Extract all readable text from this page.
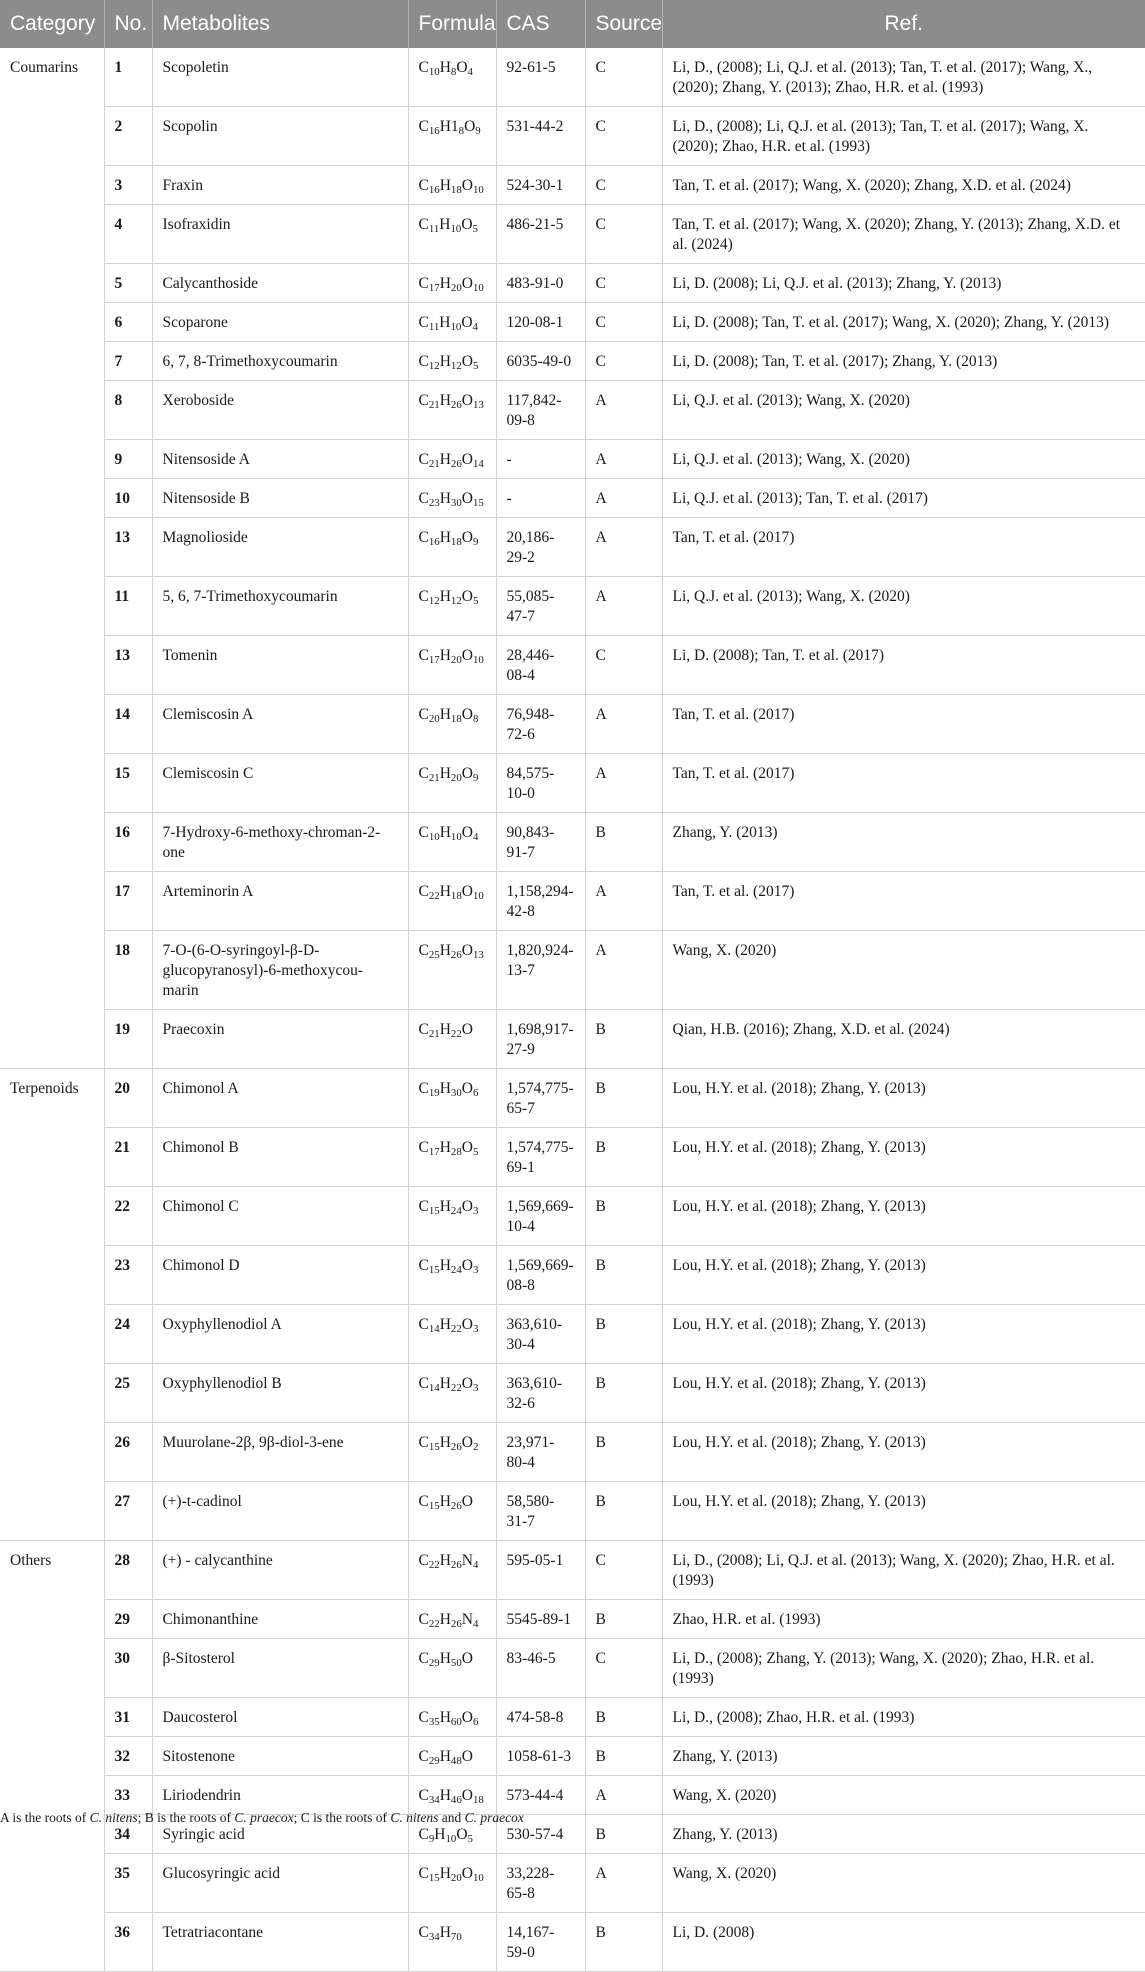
Category	No.	Metabolites	Formula	CAS	Source	Ref.
Coumarins	1	Scopoletin	$C_{10}H_8O_4$	92-61-5	C	Li, D., (2008); Li, Q.J. et al. (2013); Tan, T. et al. (2017); Wang, X., (2020); Zhang, Y. (2013); Zhao, H.R. et al. (1993)
	2	Scopolin	$C_{16}H1_8O_9$	531-44-2	C	Li, D., (2008); Li, Q.J. et al. (2013); Tan, T. et al. (2017); Wang, X. (2020); Zhao, H.R. et al. (1993)
	3	Fraxin	$C_{16}H_{18}O_{10}$	524-30-1	C	Tan, T. et al. (2017); Wang, X. (2020); Zhang, X.D. et al. (2024)
	4	Isofraxidin	$C_{11}H_{10}O_5$	486-21-5	C	Tan, T. et al. (2017); Wang, X. (2020); Zhang, Y. (2013); Zhang, X.D. et al. (2024)
	5	Calycanthoside	$C_{17}H_{20}O_{10}$	483-91-0	C	Li, D. (2008); Li, Q.J. et al. (2013); Zhang, Y. (2013)
	6	Scoparone	$C_{11}H_{10}O_4$	120-08-1	C	Li, D. (2008); Tan, T. et al. (2017); Wang, X. (2020); Zhang, Y. (2013)
	7	6, 7, 8-Trimethoxycoumarin	$C_{12}H_{12}O_5$	6035-49-0	C	Li, D. (2008); Tan, T. et al. (2017); Zhang, Y. (2013)
	8	Xeroboside	$C_{21}H_{26}O_{13}$	117,842-09-8	A	Li, Q.J. et al. (2013); Wang, X. (2020)
	9	Nitensoside A	$C_{21}H_{26}O_{14}$	-	A	Li, Q.J. et al. (2013); Wang, X. (2020)
	10	Nitensoside B	$C_{23}H_{30}O_{15}$	-	A	Li, Q.J. et al. (2013); Tan, T. et al. (2017)
	13	Magnolioside	$C_{16}H_{18}O_9$	20,186-29-2	A	Tan, T. et al. (2017)
	11	5, 6, 7-Trimethoxycoumarin	$C_{12}H_{12}O_5$	55,085-47-7	A	Li, Q.J. et al. (2013); Wang, X. (2020)
	13	Tomenin	$C_{17}H_{20}O_{10}$	28,446-08-4	C	Li, D. (2008); Tan, T. et al. (2017)
	14	Clemiscosin A	$C_{20}H_{18}O_8$	76,948-72-6	A	Tan, T. et al. (2017)
	15	Clemiscosin C	$C_{21}H_{20}O_9$	84,575-10-0	A	Tan, T. et al. (2017)
	16	7-Hydroxy-6-methoxy-chroman-2-one	$C_{10}H_{10}O_4$	90,843-91-7	B	Zhang, Y. (2013)
	17	Arteminorin A	$C_{22}H_{18}O_{10}$	1,158,294-42-8	A	Tan, T. et al. (2017)
	18	7-O-(6-O-syringoyl-β-D-glucopyranosyl)-6-methoxycou-marin	$C_{25}H_{26}O_{13}$	1,820,924-13-7	A	Wang, X. (2020)
	19	Praecoxin	$C_{21}H_{22}O$	1,698,917-27-9	B	Qian, H.B. (2016); Zhang, X.D. et al. (2024)
Terpenoids	20	Chimonol A	$C_{19}H_{30}O_6$	1,574,775-65-7	B	Lou, H.Y. et al. (2018); Zhang, Y. (2013)
	21	Chimonol B	$C_{17}H_{28}O_5$	1,574,775-69-1	B	Lou, H.Y. et al. (2018); Zhang, Y. (2013)
	22	Chimonol C	$C_{15}H_{24}O_3$	1,569,669-10-4	B	Lou, H.Y. et al. (2018); Zhang, Y. (2013)
	23	Chimonol D	$C_{15}H_{24}O_3$	1,569,669-08-8	B	Lou, H.Y. et al. (2018); Zhang, Y. (2013)
	24	Oxyphyllenodiol A	$C_{14}H_{22}O_3$	363,610-30-4	B	Lou, H.Y. et al. (2018); Zhang, Y. (2013)
	25	Oxyphyllenodiol B	$C_{14}H_{22}O_3$	363,610-32-6	B	Lou, H.Y. et al. (2018); Zhang, Y. (2013)
	26	Muurolane-2β, 9β-diol-3-ene	$C_{15}H_{26}O_2$	23,971-80-4	B	Lou, H.Y. et al. (2018); Zhang, Y. (2013)
	27	(+)-t-cadinol	$C_{15}H_{26}O$	58,580-31-7	B	Lou, H.Y. et al. (2018); Zhang, Y. (2013)
Others	28	(+) - calycanthine	$C_{22}H_{26}N_4$	595-05-1	C	Li, D., (2008); Li, Q.J. et al. (2013); Wang, X. (2020); Zhao, H.R. et al. (1993)
	29	Chimonanthine	$C_{22}H_{26}N_4$	5545-89-1	B	Zhao, H.R. et al. (1993)
	30	β-Sitosterol	$C_{29}H_{50}O$	83-46-5	C	Li, D., (2008); Zhang, Y. (2013); Wang, X. (2020); Zhao, H.R. et al. (1993)
	31	Daucosterol	$C_{35}H_{60}O_6$	474-58-8	B	Li, D., (2008); Zhao, H.R. et al. (1993)
	32	Sitostenone	$C_{29}H_{48}O$	1058-61-3	B	Zhang, Y. (2013)
	33	Liriodendrin	$C_{34}H_{46}O_{18}$	573-44-4	A	Wang, X. (2020)
	34	Syringic acid	$C_9H_{10}O_5$	530-57-4	B	Zhang, Y. (2013)
	35	Glucosyringic acid	$C_{15}H_{20}O_{10}$	33,228-65-8	A	Wang, X. (2020)
	36	Tetratriacontane	$C_{34}H_{70}$	14,167-59-0	B	Li, D. (2008)
A is the roots of C. nitens; B is the roots of C. praecox; C is the roots of C. nitens and C. praecox
